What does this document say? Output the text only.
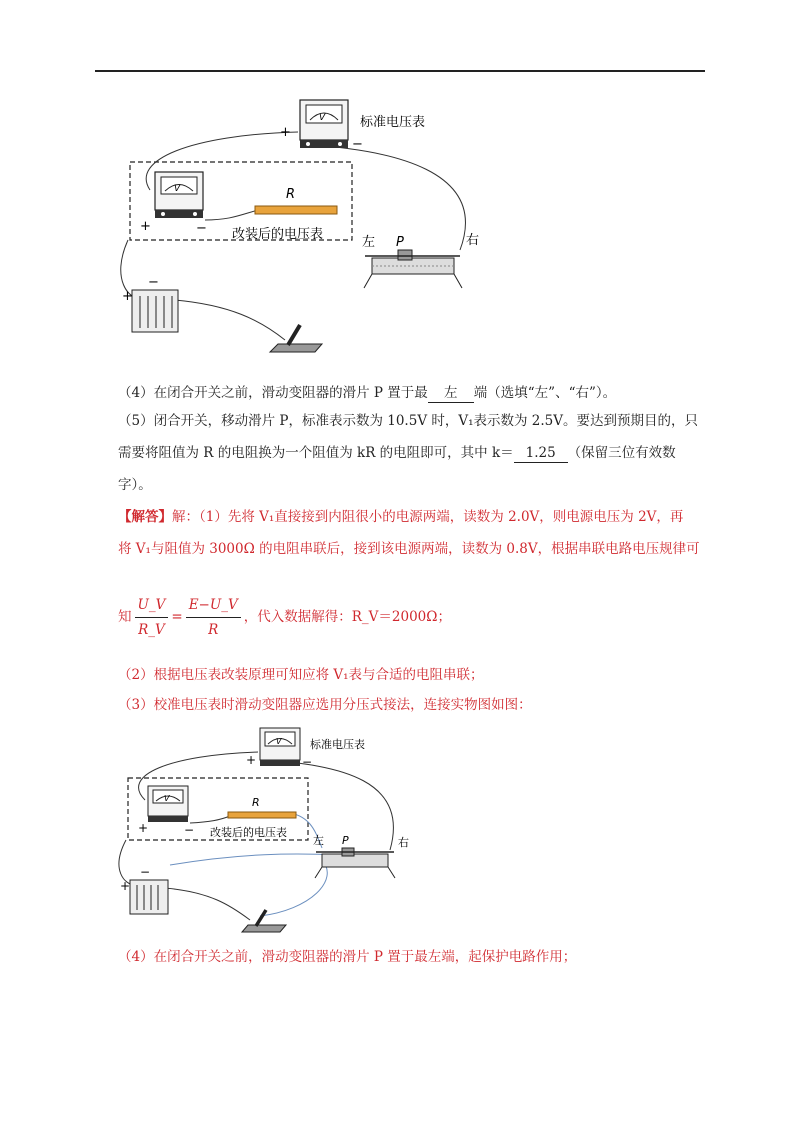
V
+
−
标准电压表
V
+	−
R
改装后的电压表
左 P	右
+
−
（4）在闭合开关之前，滑动变阻器的滑片 P 置于最 左 端（选填“左”、“右”）。
（5）闭合开关，移动滑片 P，标准表示数为 10.5V 时，V₁表示数为 2.5V。要达到预期目的，只
需要将阻值为 R 的电阻换为一个阻值为 kR 的电阻即可，其中 k＝ 1.25 （保留三位有效数
字）。
【解答】解：（1）先将 V₁直接接到内阻很小的电源两端，读数为 2.0V，则电源电压为 2V，再
将 V₁与阻值为 3000Ω 的电阻串联后，接到该电源两端，读数为 0.8V，根据串联电路电压规律可
知 $\frac{U\_V}{R\_V} = \frac{E-U\_V}{R}$ ，代入数据解得：R_V＝2000Ω；
（2）根据电压表改装原理可知应将 V₁表与合适的电阻串联；
（3）校准电压表时滑动变阻器应选用分压式接法，连接实物图如图：
V
+	−
标准电压表
V
+	−
R
改装后的电压表
左 P	右
+
−
（4）在闭合开关之前，滑动变阻器的滑片 P 置于最左端，起保护电路作用；
